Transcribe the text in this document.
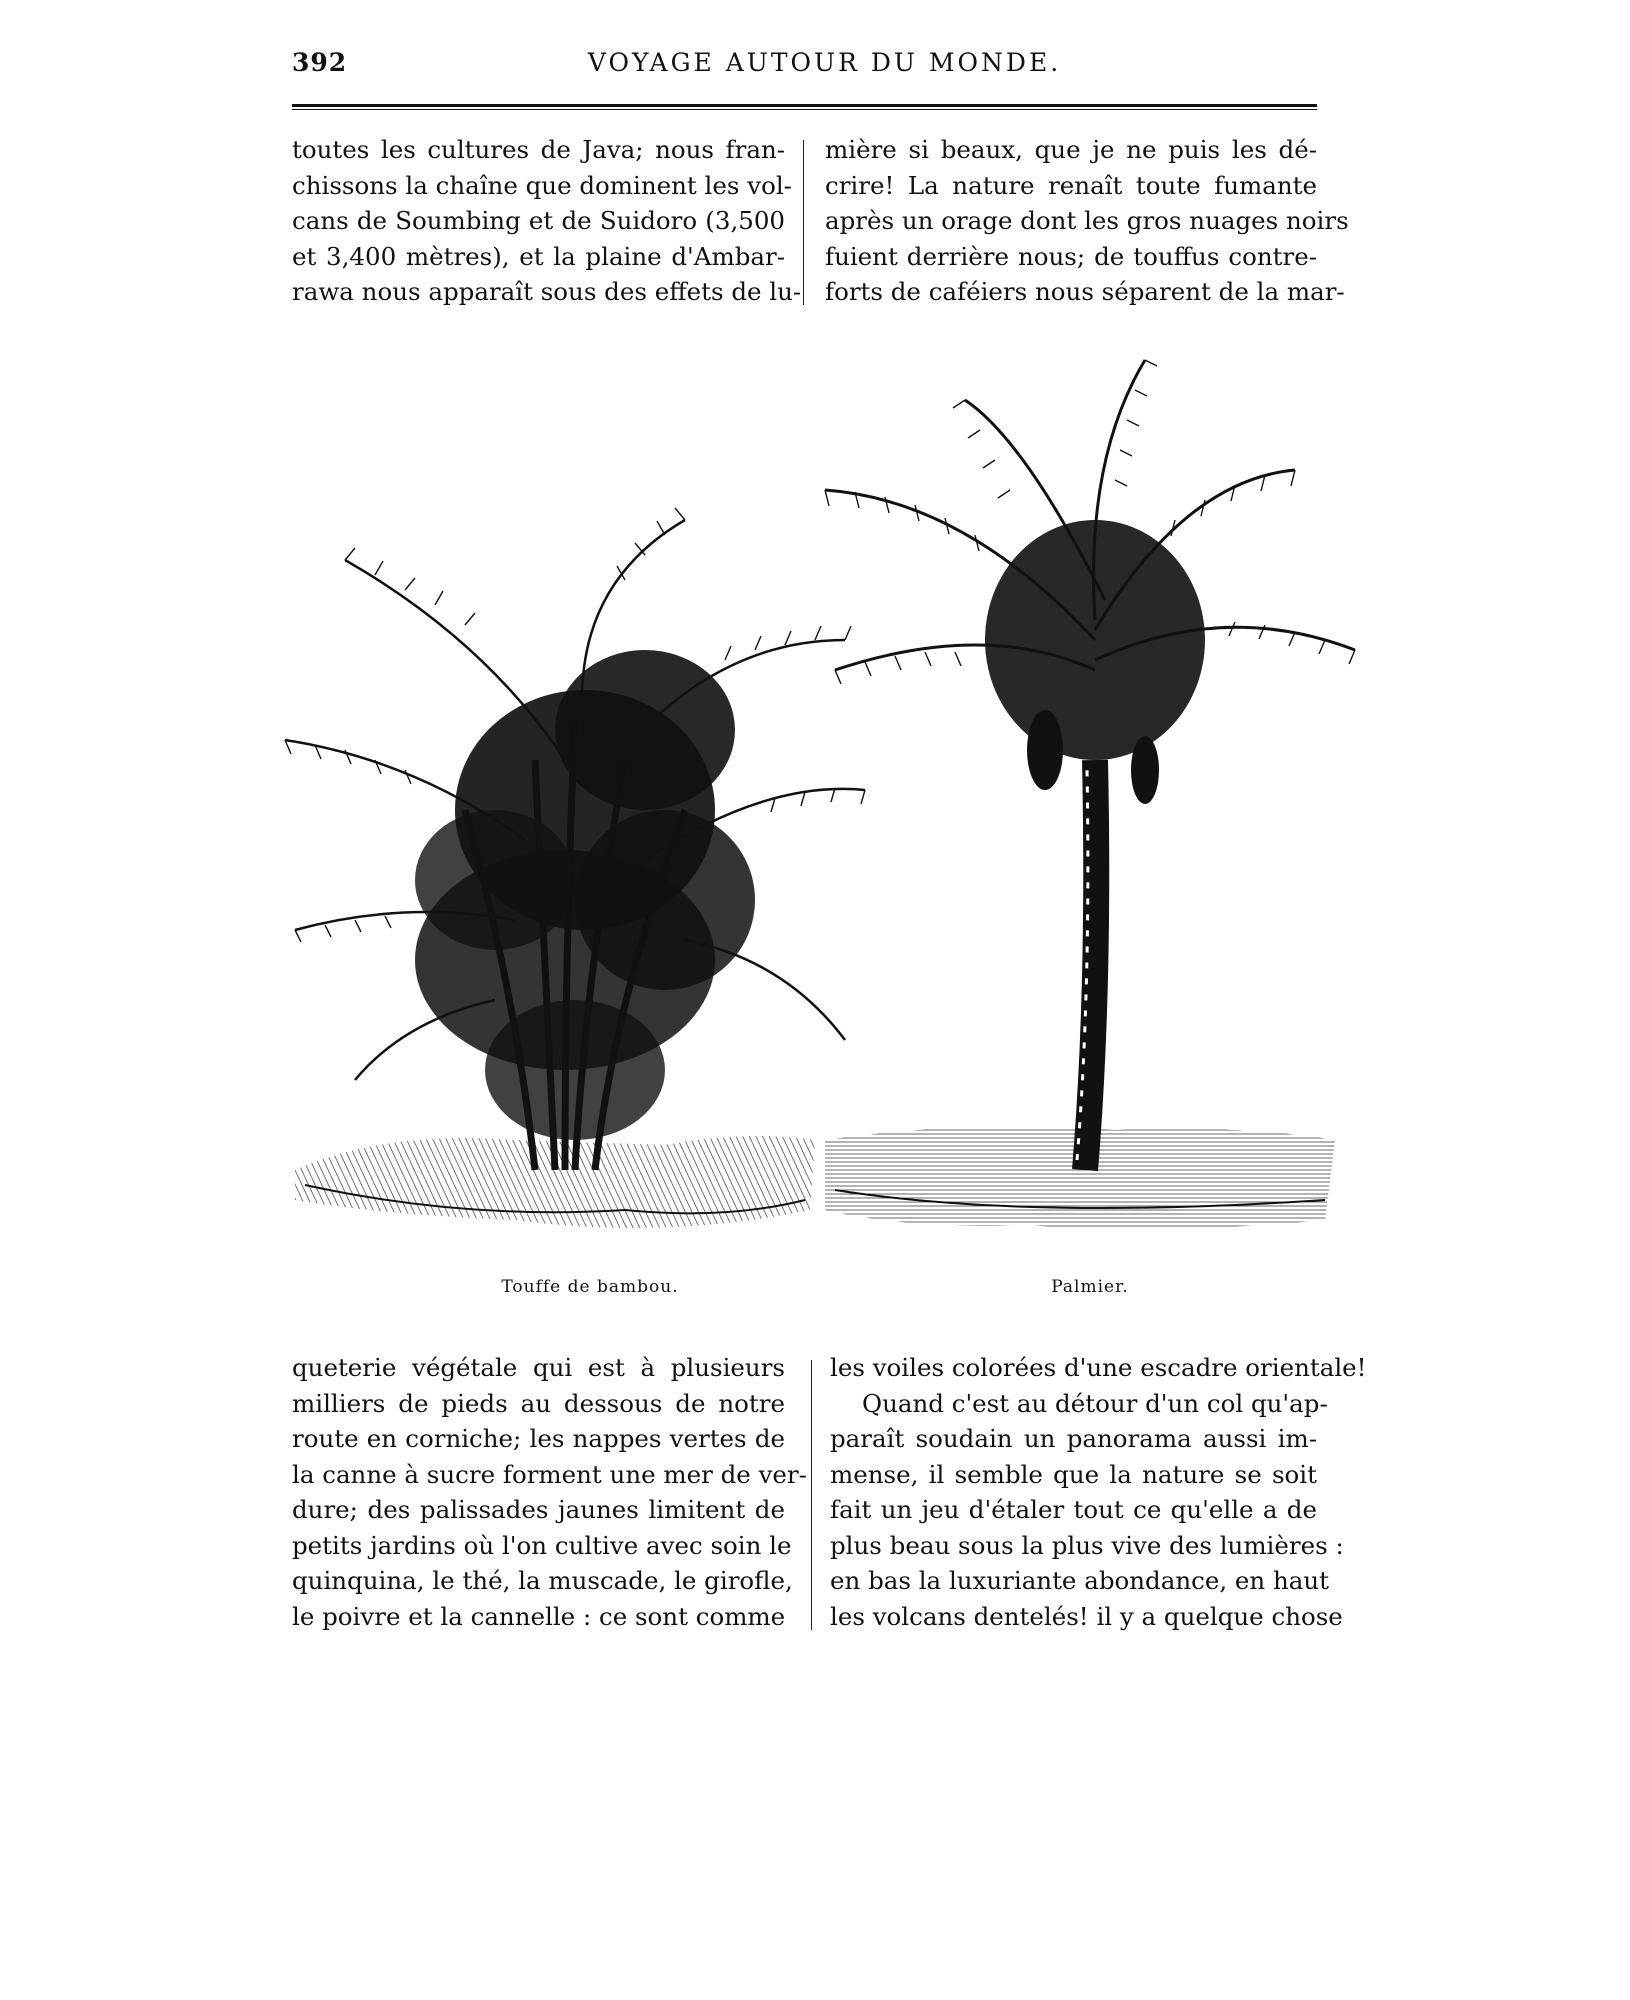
392	VOYAGE AUTOUR DU MONDE.
toutes les cultures de Java; nous fran-
chissons la chaîne que dominent les vol-
cans de Soumbing et de Suidoro (3,500
et 3,400 mètres), et la plaine d'Ambar-
rawa nous apparaît sous des effets de lu-
mière si beaux, que je ne puis les dé-
crire! La nature renaît toute fumante
après un orage dont les gros nuages noirs
fuient derrière nous; de touffus contre-
forts de caféiers nous séparent de la mar-
Touffe de bambou.	Palmier.
queterie végétale qui est à plusieurs
milliers de pieds au dessous de notre
route en corniche; les nappes vertes de
la canne à sucre forment une mer de ver-
dure; des palissades jaunes limitent de
petits jardins où l'on cultive avec soin le
quinquina, le thé, la muscade, le girofle,
le poivre et la cannelle : ce sont comme
les voiles colorées d'une escadre orientale!
Quand c'est au détour d'un col qu'ap-
paraît soudain un panorama aussi im-
mense, il semble que la nature se soit
fait un jeu d'étaler tout ce qu'elle a de
plus beau sous la plus vive des lumières :
en bas la luxuriante abondance, en haut
les volcans dentelés! il y a quelque chose
